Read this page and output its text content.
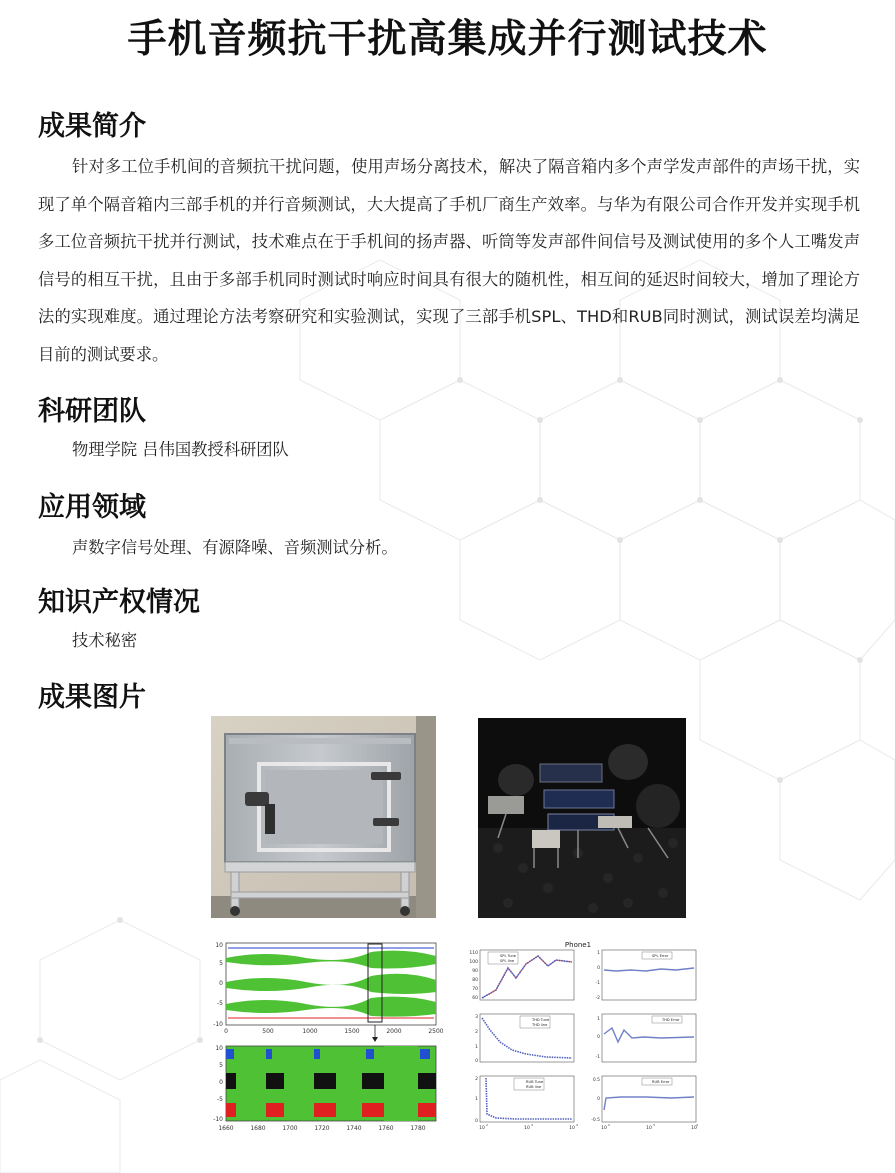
手机音频抗干扰高集成并行测试技术
成果简介
针对多工位手机间的音频抗干扰问题，使用声场分离技术，解决了隔音箱内多个声学发声部件的声场干扰，实现了单个隔音箱内三部手机的并行音频测试，大大提高了手机厂商生产效率。与华为有限公司合作开发并实现手机多工位音频抗干扰并行测试，技术难点在于手机间的扬声器、听筒等发声部件间信号及测试使用的多个人工嘴发声信号的相互干扰，且由于多部手机同时测试时响应时间具有很大的随机性，相互间的延迟时间较大，增加了理论方法的实现难度。通过理论方法考察研究和实验测试，实现了三部手机SPL、THD和RUB同时测试，测试误差均满足目前的测试要求。
科研团队
物理学院 吕伟国教授科研团队
应用领域
声数字信号处理、有源降噪、音频测试分析。
知识产权情况
技术秘密
成果图片
10
5
0
-5
-10
0	500	1000	1500	2000	2500
10
5
0
-5
-10
1660	1680	1700	1720	1740	1760	1780
Phone1
SPL Tune
SPL line
110
100
90
80
70
60
SPL Error
1
0
-1
-2
THD Tune
THD line
3
2
1
0
THD Error
1
0
-1
RUB Tune
RUB line
2
1
0
10	10	10
2	3	4
RUB Error
0.5
0
-0.5
10	10	10
2	3	4
